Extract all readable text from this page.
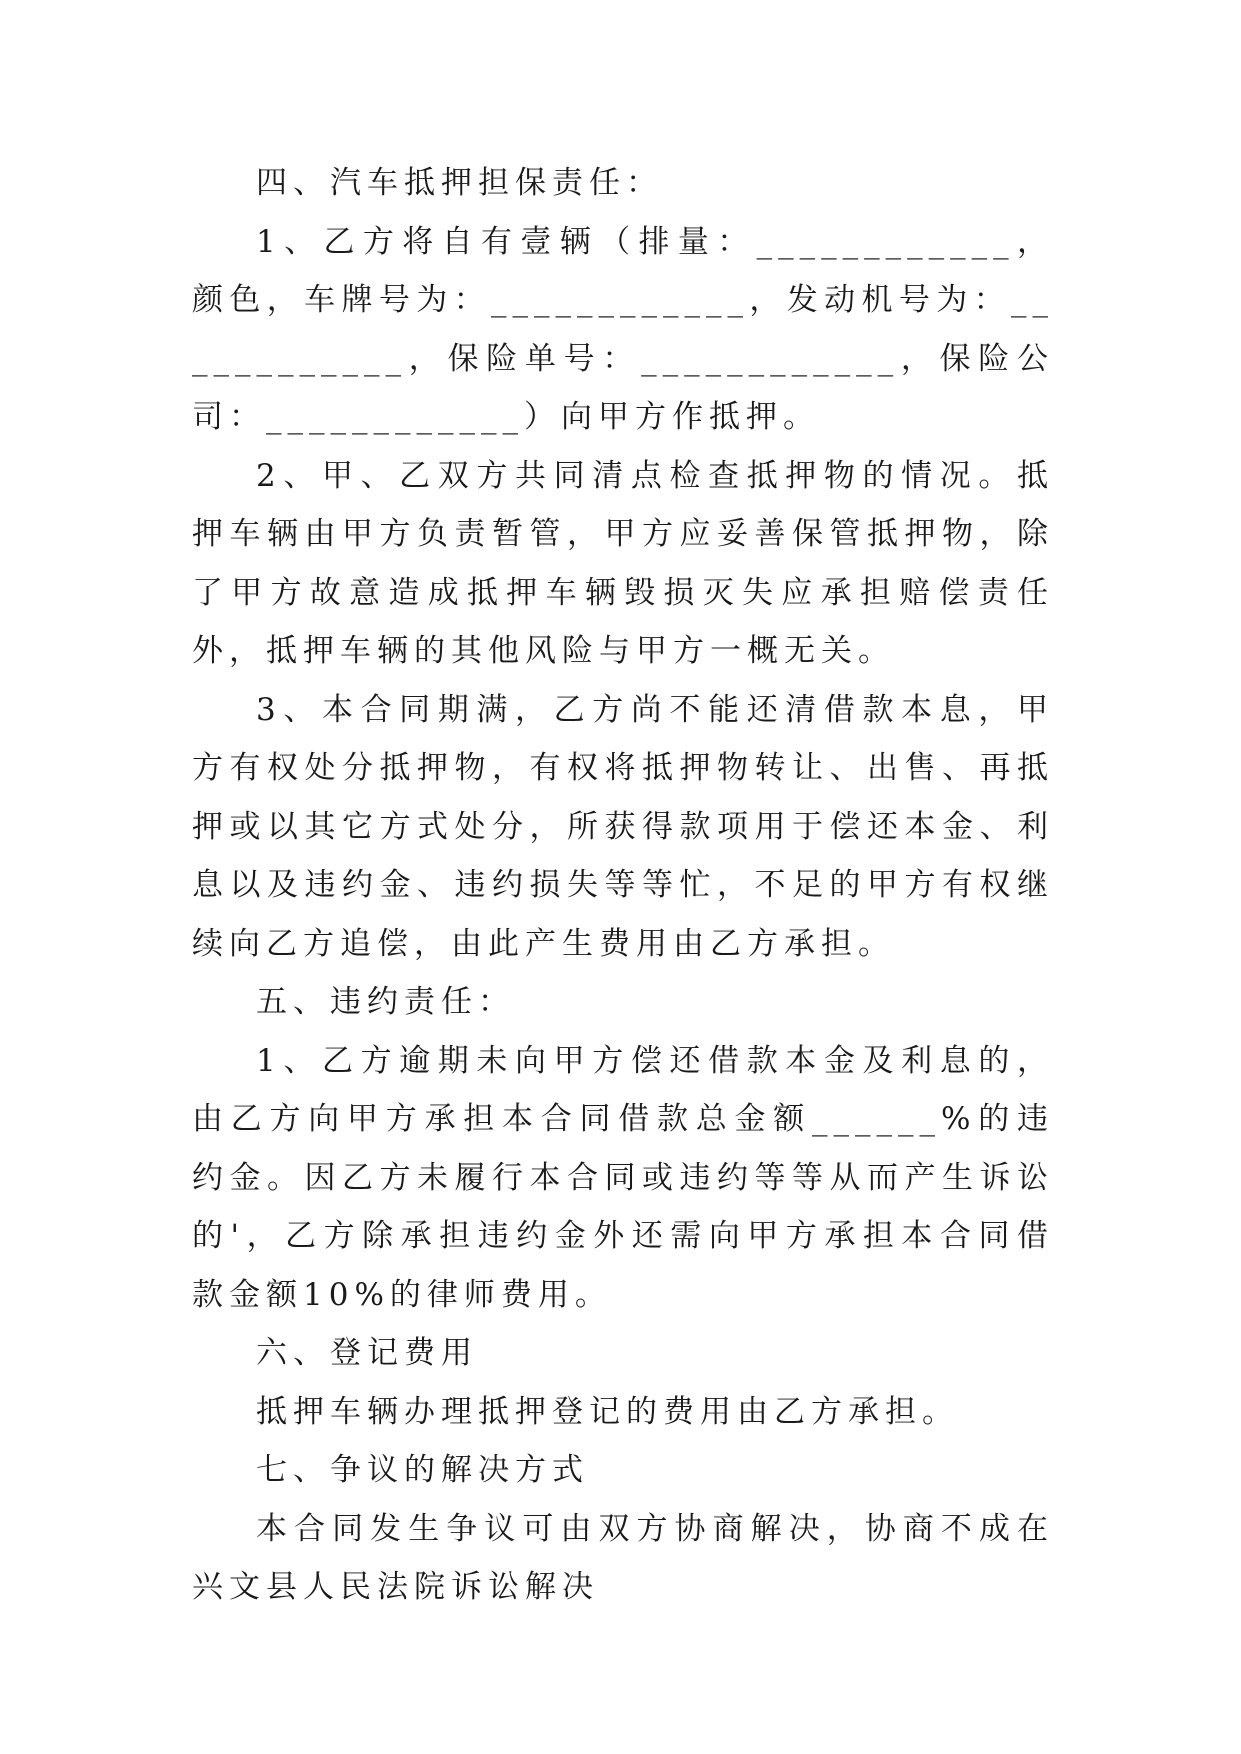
四、汽车抵押担保责任：

1、乙方将自有壹辆（排量：____________，颜色，车牌号为：____________，发动机号为：____________，保险单号：____________，保险公司：____________）向甲方作抵押。

2、甲、乙双方共同清点检查抵押物的情况。抵押车辆由甲方负责暂管，甲方应妥善保管抵押物，除了甲方故意造成抵押车辆毁损灭失应承担赔偿责任外，抵押车辆的其他风险与甲方一概无关。

3、本合同期满，乙方尚不能还清借款本息，甲方有权处分抵押物，有权将抵押物转让、出售、再抵押或以其它方式处分，所获得款项用于偿还本金、利息以及违约金、违约损失等等忙，不足的甲方有权继续向乙方追偿，由此产生费用由乙方承担。

五、违约责任：

1、乙方逾期未向甲方偿还借款本金及利息的，由乙方向甲方承担本合同借款总金额______%的违约金。因乙方未履行本合同或违约等等从而产生诉讼的'，乙方除承担违约金外还需向甲方承担本合同借款金额10%的律师费用。

六、登记费用

抵押车辆办理抵押登记的费用由乙方承担。

七、争议的解决方式

本合同发生争议可由双方协商解决，协商不成在兴文县人民法院诉讼解决
